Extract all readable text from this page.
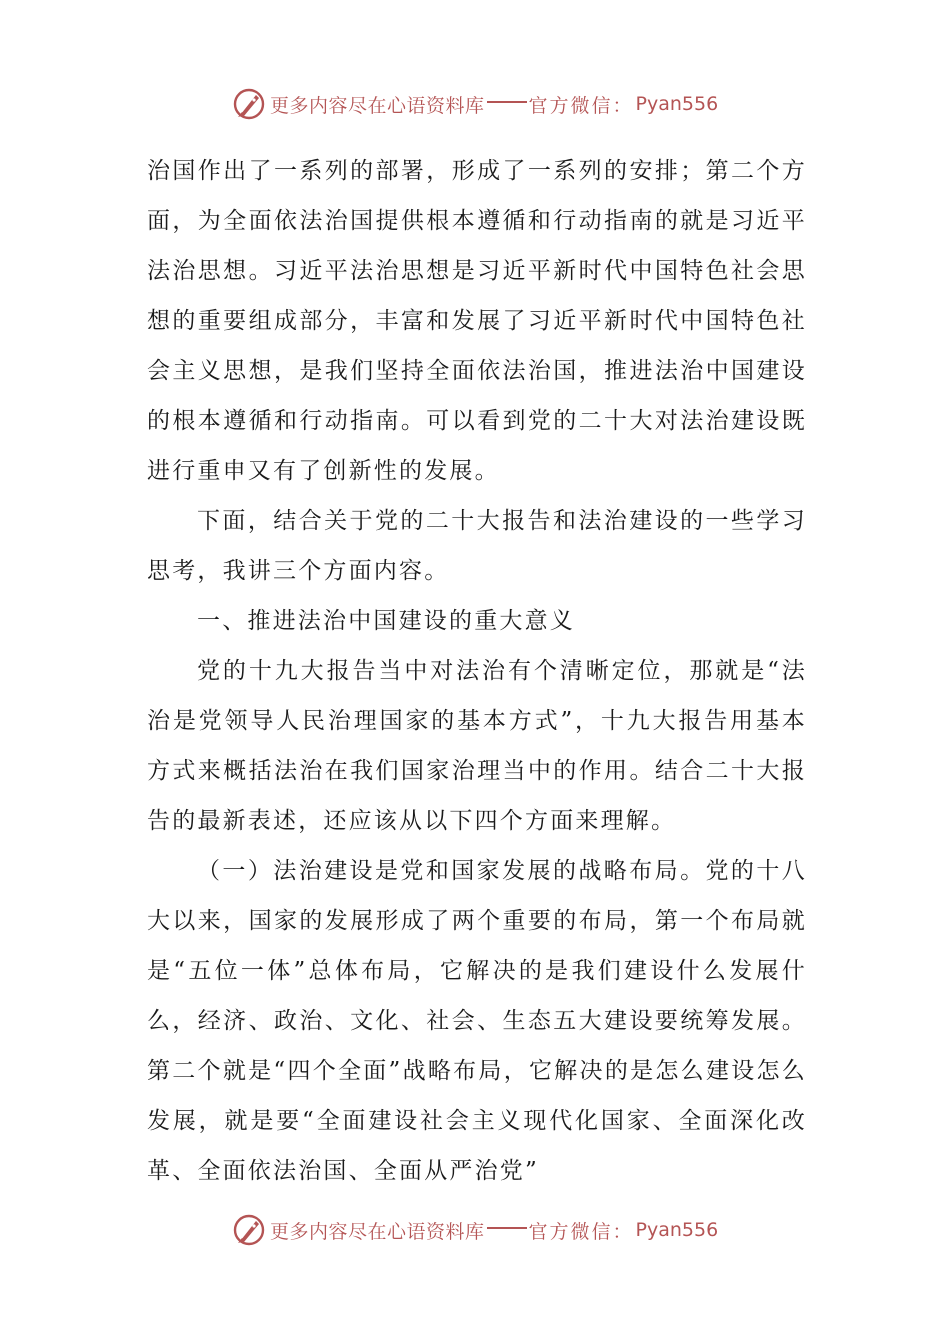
更多内容尽在心语资料库 官方微信： Pyan556

治国作出了一系列的部署，形成了一系列的安排；第二个方面，为全面依法治国提供根本遵循和行动指南的就是习近平法治思想。习近平法治思想是习近平新时代中国特色社会思想的重要组成部分，丰富和发展了习近平新时代中国特色社会主义思想，是我们坚持全面依法治国，推进法治中国建设的根本遵循和行动指南。可以看到党的二十大对法治建设既进行重申又有了创新性的发展。

下面，结合关于党的二十大报告和法治建设的一些学习思考，我讲三个方面内容。

一、推进法治中国建设的重大意义

党的十九大报告当中对法治有个清晰定位，那就是“法治是党领导人民治理国家的基本方式”，十九大报告用基本方式来概括法治在我们国家治理当中的作用。结合二十大报告的最新表述，还应该从以下四个方面来理解。

（一）法治建设是党和国家发展的战略布局。党的十八大以来，国家的发展形成了两个重要的布局，第一个布局就是“五位一体”总体布局，它解决的是我们建设什么发展什么，经济、政治、文化、社会、生态五大建设要统筹发展。第二个就是“四个全面”战略布局，它解决的是怎么建设怎么发展，就是要“全面建设社会主义现代化国家、全面深化改革、全面依法治国、全面从严治党”

更多内容尽在心语资料库 官方微信： Pyan556
